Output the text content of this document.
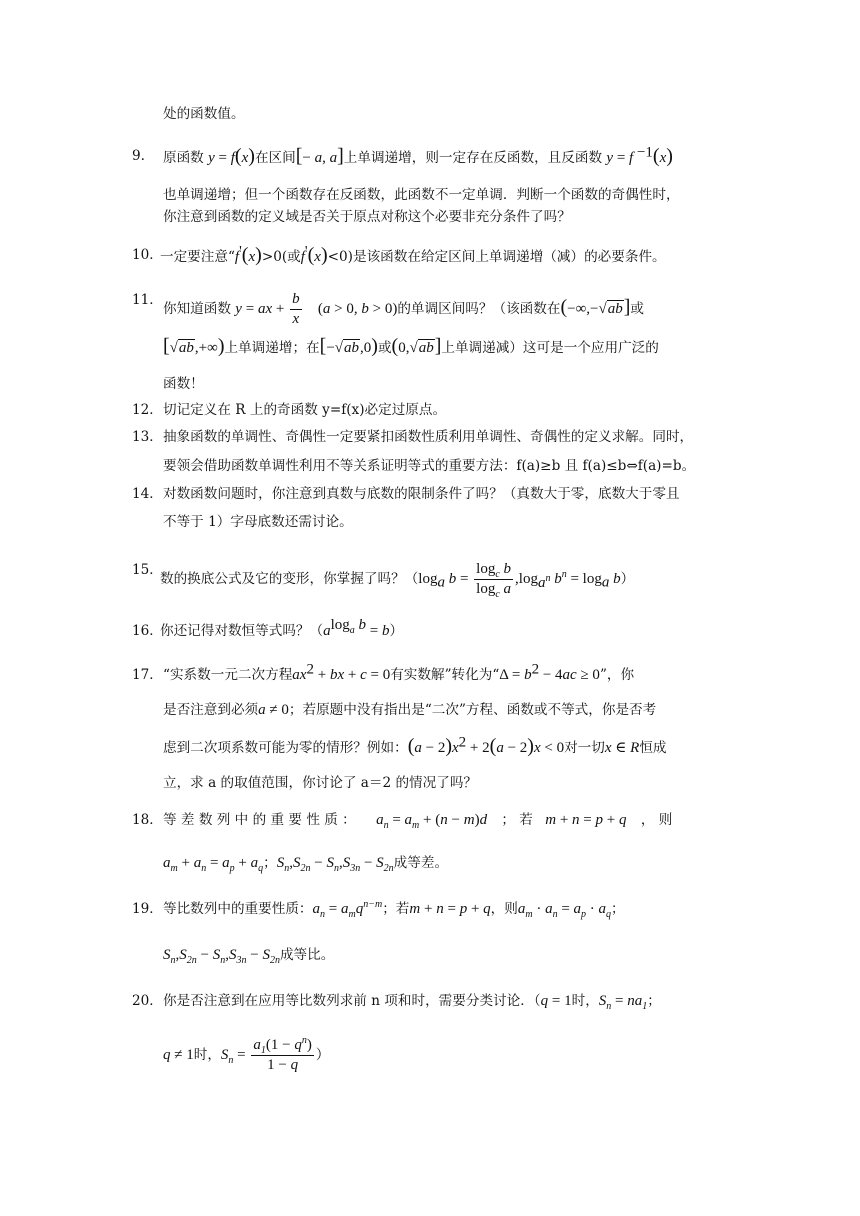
处的函数值。
9. 原函数 y = f(x)在区间[− a, a]上单调递增，则一定存在反函数，且反函数 y = f $^{-1}$(x)
也单调递增；但一个函数存在反函数，此函数不一定单调．判断一个函数的奇偶性时，
你注意到函数的定义域是否关于原点对称这个必要非充分条件了吗？
10．
一定要注意“f'(x)>0(或f'(x)<0)是该函数在给定区间上单调递增（减）的必要条件。
11．
你知道函数 y = ax + $\frac{b}{x} (a > 0$, b > 0)的单调区间吗？（该函数在(−∞,−√ab]或
[√ab,+∞)上单调递增；在[−√ab,0)或(0,√ab]上单调递减）这可是一个应用广泛的
函数！
12． 切记定义在 R 上的奇函数 y=f(x)必定过原点。
13． 抽象函数的单调性、奇偶性一定要紧扣函数性质利用单调性、奇偶性的定义求解。同时，
要领会借助函数单调性利用不等关系证明等式的重要方法：f(a)≥b 且 f(a)≤b⇔f(a)=b。
14． 对数函数问题时，你注意到真数与底数的限制条件了吗？（真数大于零，底数大于零且
不等于 1）字母底数还需讨论。
15．
数的换底公式及它的变形，你掌握了吗？（$\log_a$ $b = \frac{\log_c b}{\log_c a} ,\log_{a^n}$ $b^n = \log_a b$）
16．
你还记得对数恒等式吗？$(a^{log_a b} = b)$
17． “实系数一元二次方程$ax^2$ + bx + c = 0有实数解”转化为“$\Delta = b^2 - 4ac \ge 0$”，你
是否注意到必须a ≠ 0；若原题中没有指出是“二次”方程、函数或不等式，你是否考
虑到二次项系数可能为零的情形？例如：$(a - 2)x^2 + 2(a - 2)x < 0$对一切x ∈ R恒成
立，求 a 的取值范围，你讨论了 a＝2 的情况了吗？
18． 等 差 数 列 中 的 重 要 性 质 ： $a_n = a_m + (n - m)d$ ； 若 m + n = p + q ， 则
$a_m + a_n = a_p + a_q$；$S_n,S_{2n} - S_n,S_{3n} - S_{2n}$成等差。
19． 等比数列中的重要性质：$a_n = a_mq^{n-m}$；若m + n = p + q，则$a_m \cdot a_n = a_p \cdot a_q$；
$S_n,S_{2n} - S_n,S_{3n} - S_{2n}$成等比。
20． 你是否注意到在应用等比数列求前 n 项和时，需要分类讨论．（q = 1时，$S_n = na_1$；
q ≠ 1时，$S_n = \frac{a_1(1 - q^n)}{1 - q}$ ）
